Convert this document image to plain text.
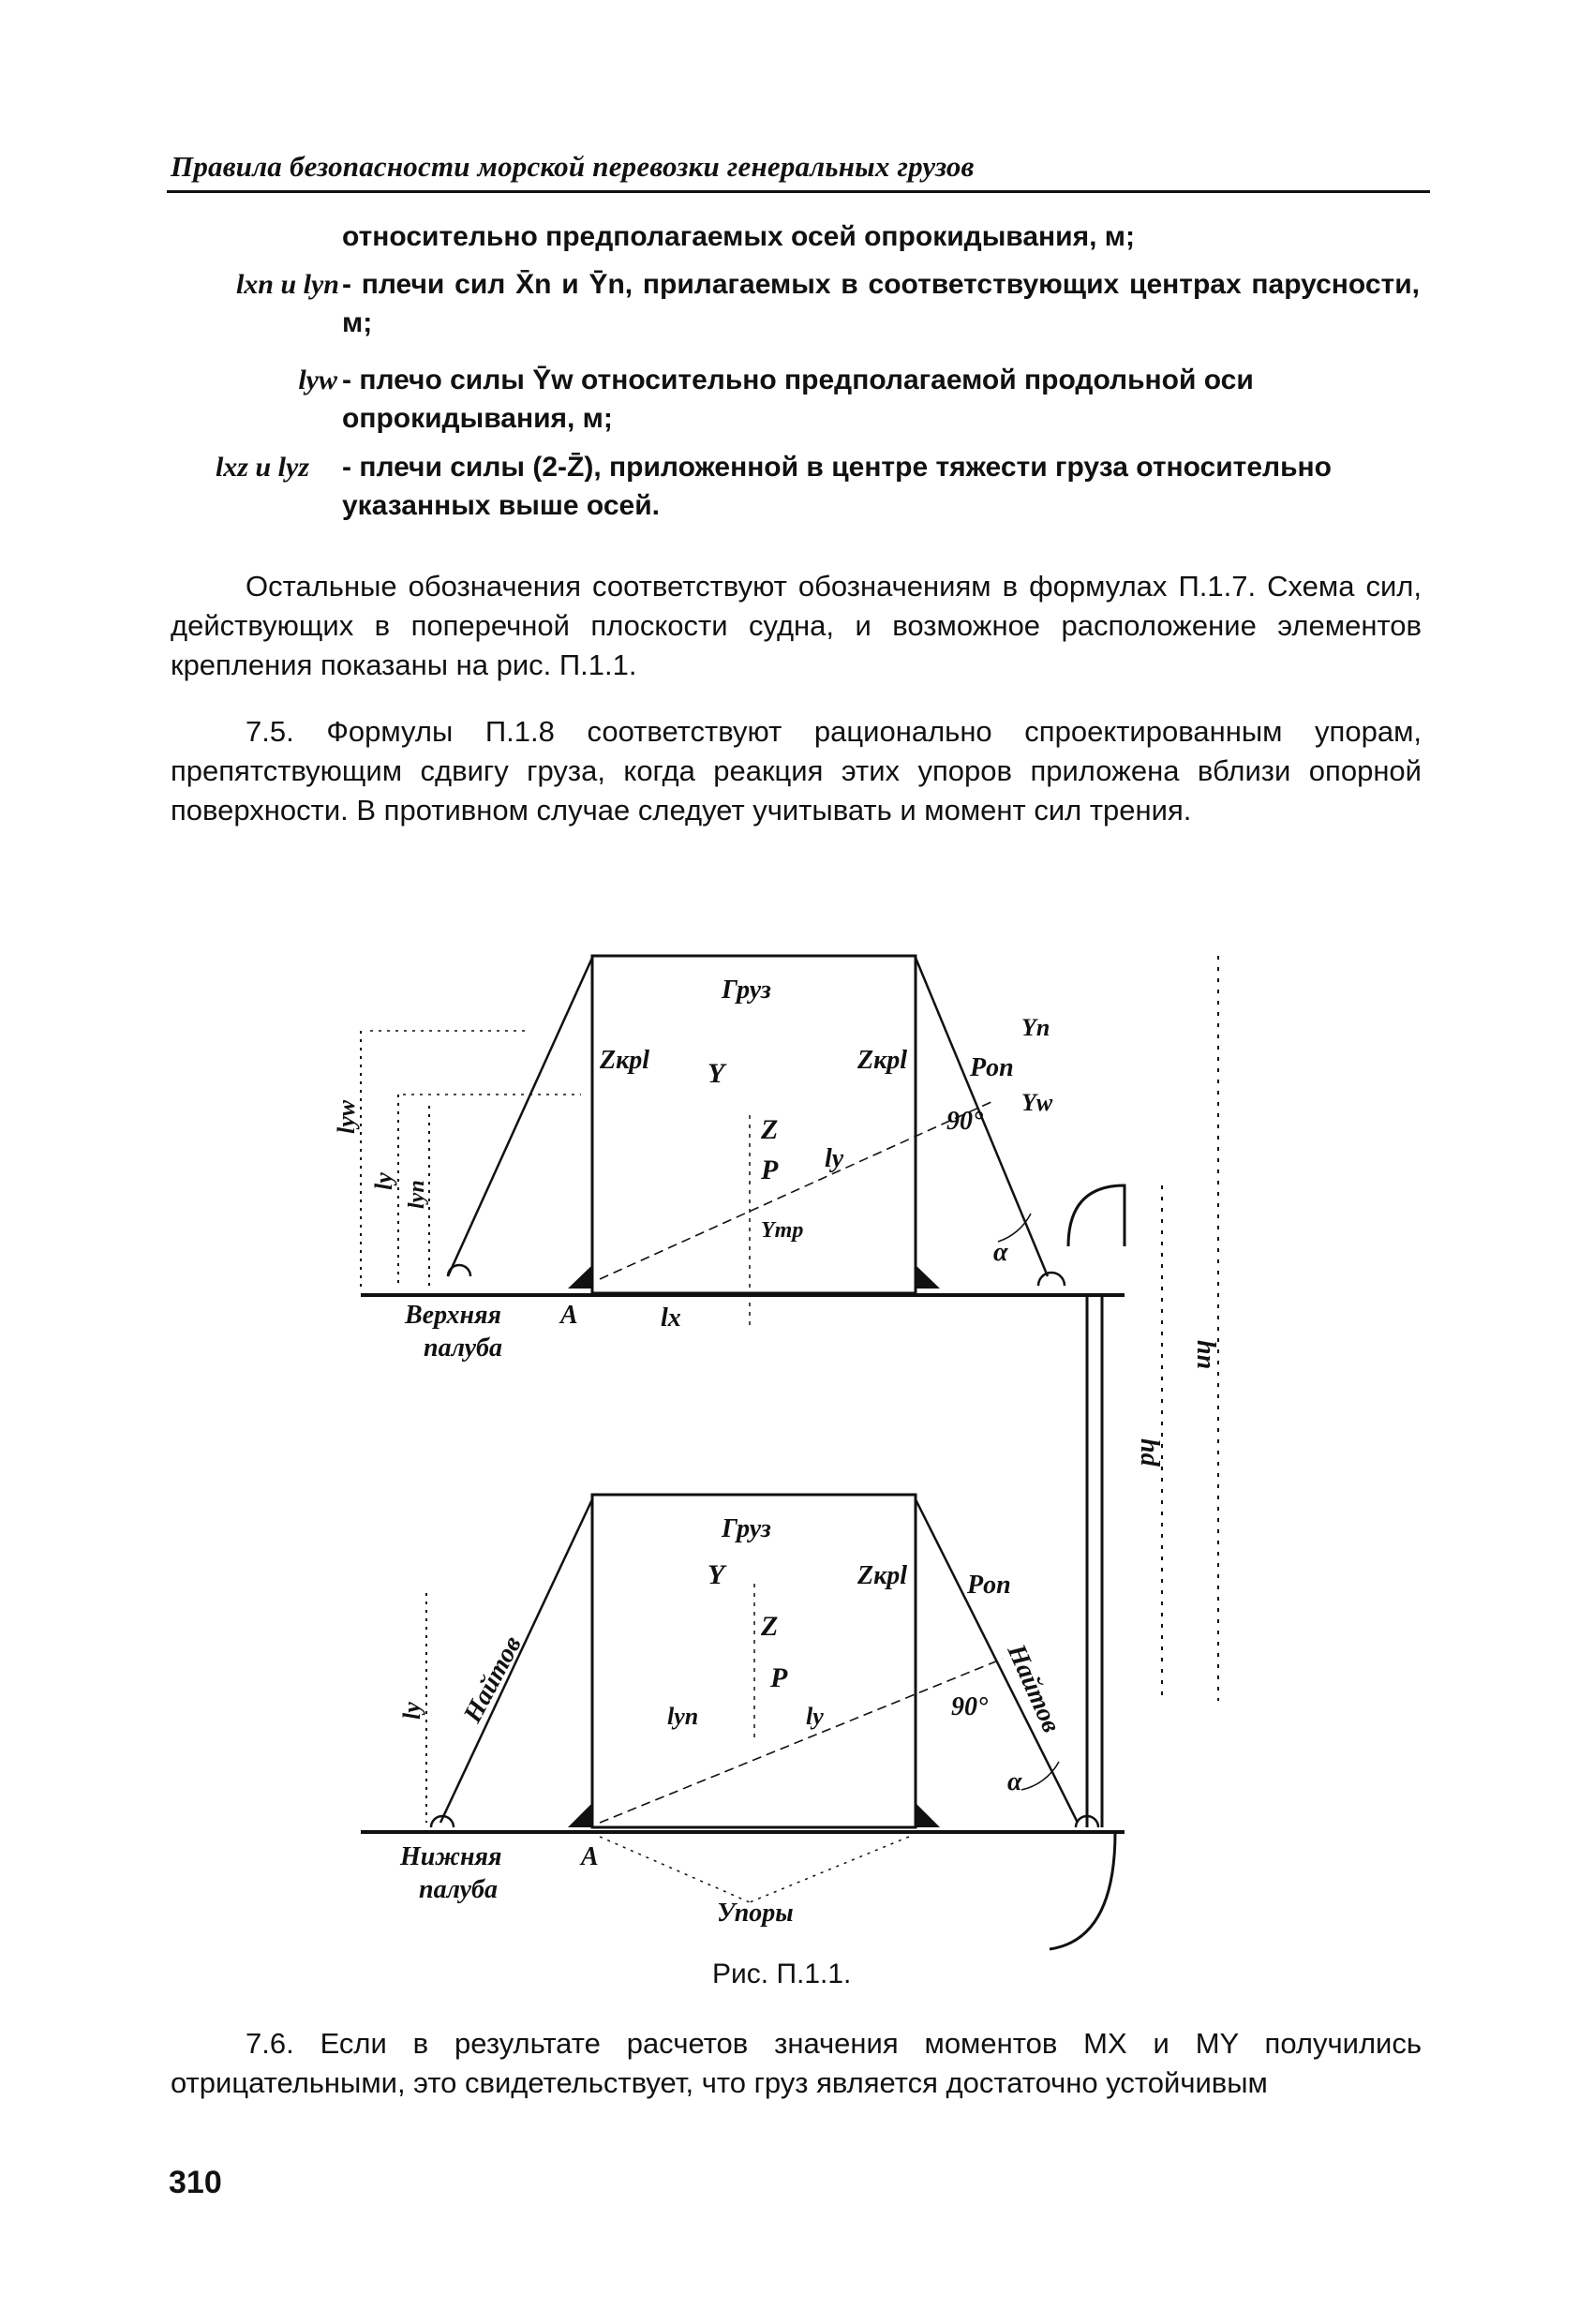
Правила безопасности морской перевозки генеральных грузов
относительно предполагаемых осей опрокидывания, м;
lxn и lyn - плечи сил X̄n и Ȳn, прилагаемых в соответствующих центрах парусности, м;
lyw - плечо силы Ȳw относительно предполагаемой продольной оси опрокидывания, м;
lxz и lyz - плечи силы (2-Z̄), приложенной в центре тяжести груза относительно указанных выше осей.
Остальные обозначения соответствуют обозначениям в формулах П.1.7. Схема сил, действующих в поперечной плоскости судна, и возможное расположение элементов крепления показаны на рис. П.1.1.
7.5. Формулы П.1.8 соответствуют рационально спроектированным упорам, препятствующим сдвигу груза, когда реакция этих упоров приложена вблизи опорной поверхности. В противном случае следует учитывать и момент сил трения.
Груз
Zкрl	Zкрl
Y
Z
P
Yтр
ly
Pon
Yn
Yw
90°
α
lyw
ly lyn
lx
A
Верхняя
палуба	hn
hd
Груз
Y	Zкрl
Z
P
Pon
90°
α
ly
lyn
ly Найтов	Найтов
A
Нижняя
палуба
Упоры
Рис. П.1.1.
7.6. Если в результате расчетов значения моментов MX и MY получились отрицательными, это свидетельствует, что груз является достаточно устойчивым
310
